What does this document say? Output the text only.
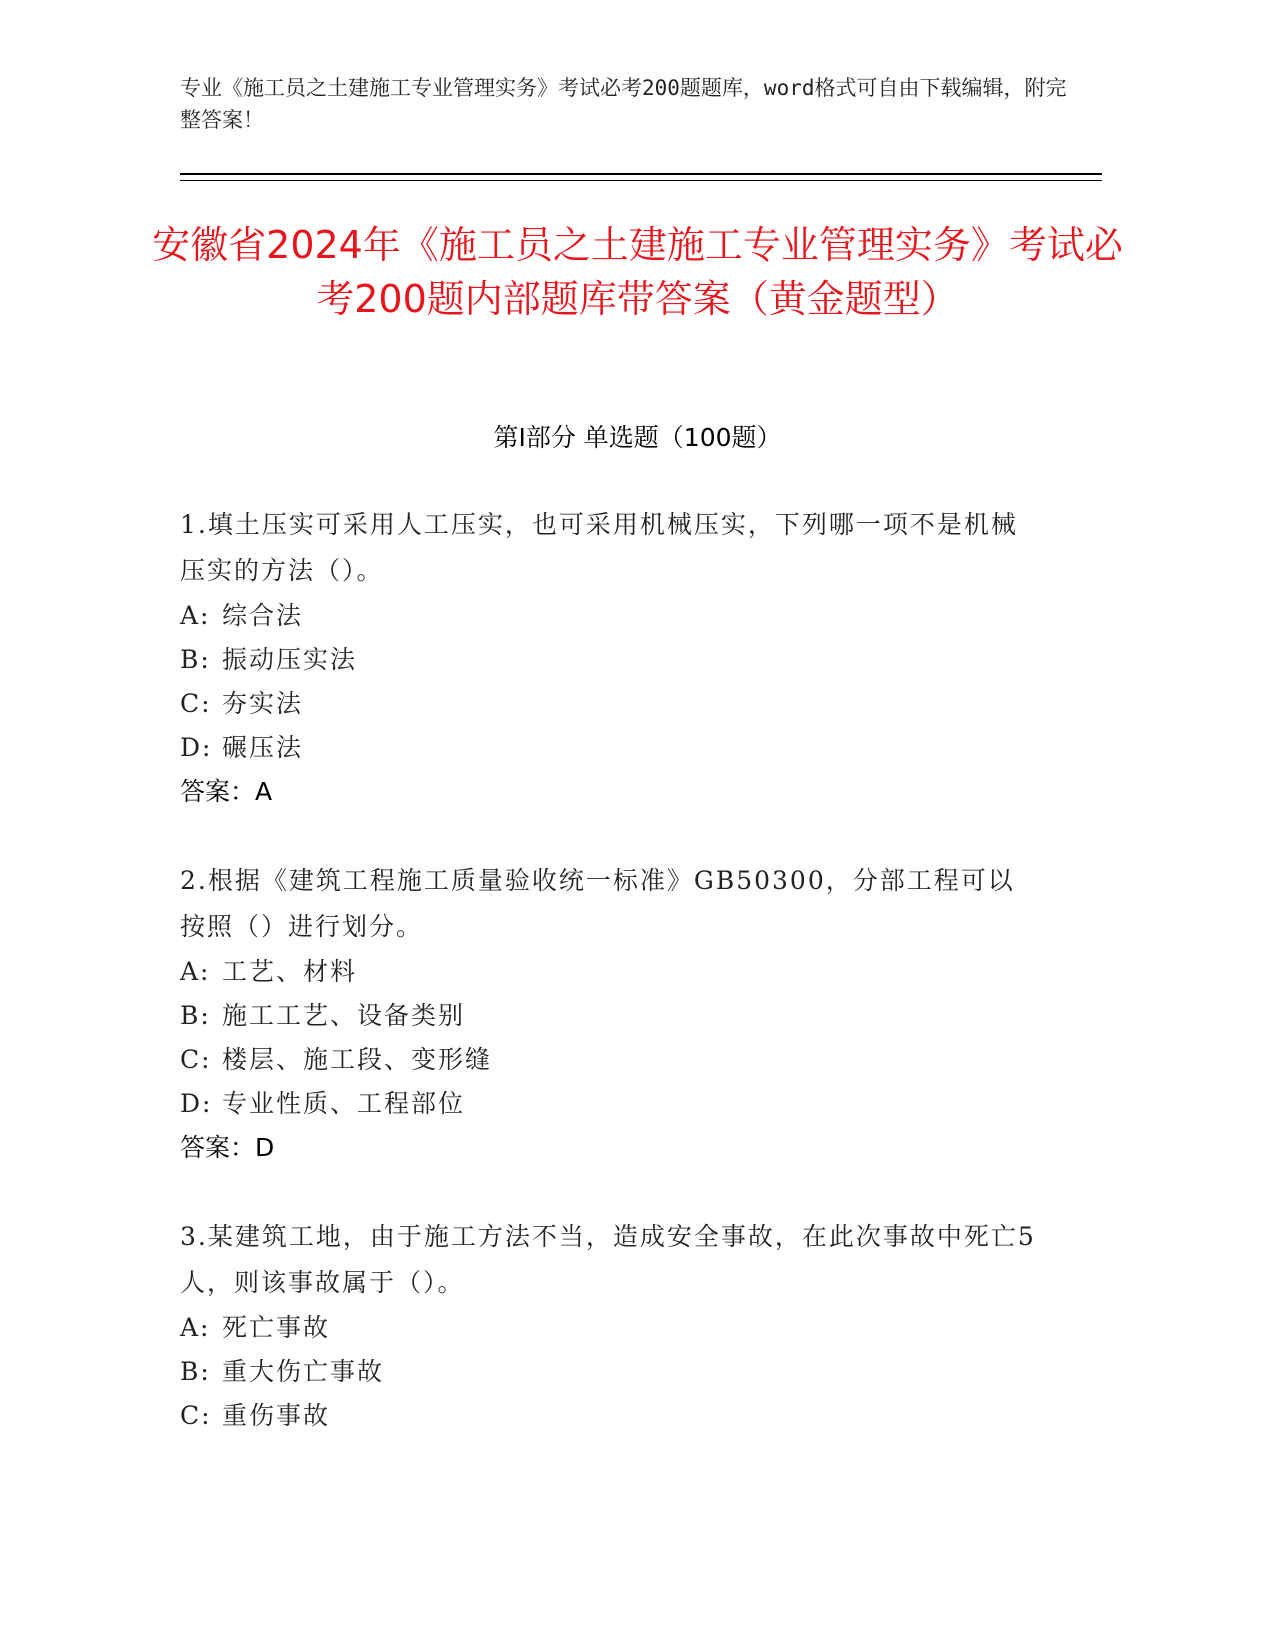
专业《施工员之土建施工专业管理实务》考试必考200题题库，word格式可自由下载编辑，附完整答案！
安徽省2024年《施工员之土建施工专业管理实务》考试必考200题内部题库带答案（黄金题型）
第I部分 单选题（100题）
1.填土压实可采用人工压实，也可采用机械压实，下列哪一项不是机械压实的方法（）。
A: 综合法
B: 振动压实法
C: 夯实法
D: 碾压法
答案：A
2.根据《建筑工程施工质量验收统一标准》GB50300，分部工程可以按照（）进行划分。
A: 工艺、材料
B: 施工工艺、设备类别
C: 楼层、施工段、变形缝
D: 专业性质、工程部位
答案：D
3.某建筑工地，由于施工方法不当，造成安全事故，在此次事故中死亡5人，则该事故属于（）。
A: 死亡事故
B: 重大伤亡事故
C: 重伤事故
